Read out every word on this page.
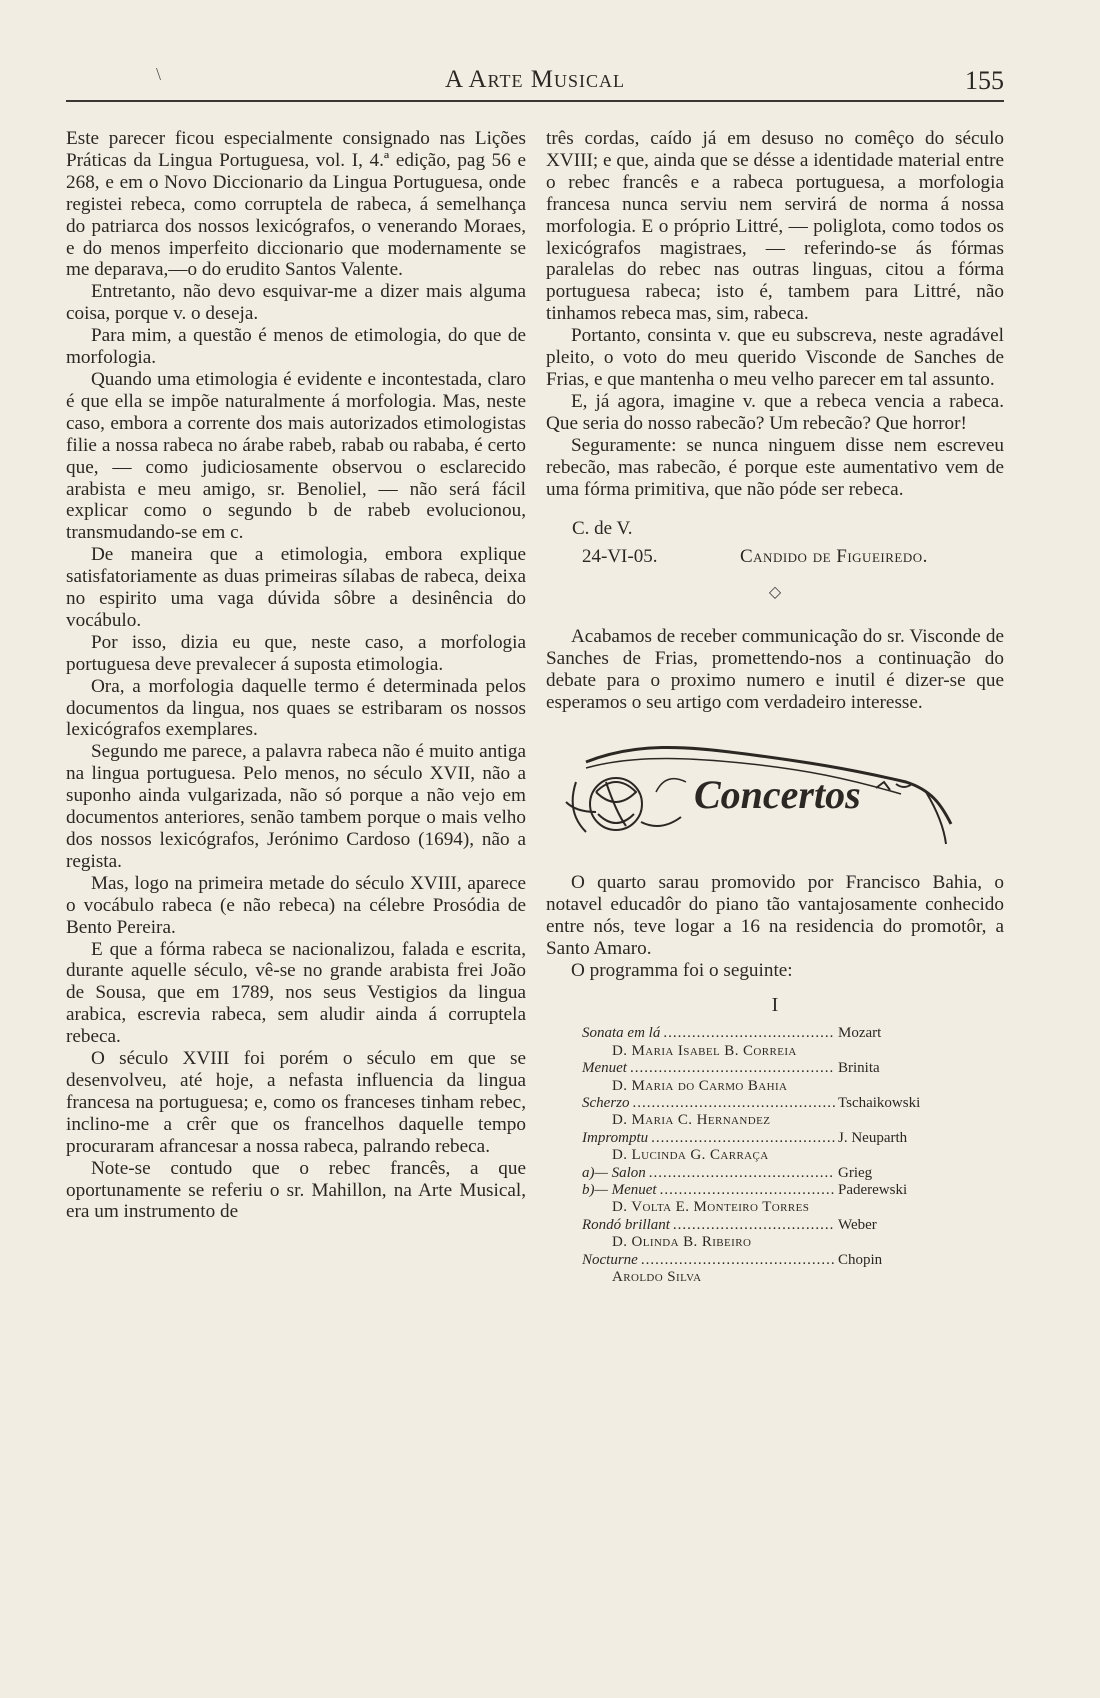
\	A Arte Musical	155

Este parecer ficou especialmente consignado nas Lições Práticas da Lingua Portuguesa, vol. I, 4.ª edição, pag 56 e 268, e em o Novo Diccionario da Lingua Portuguesa, onde registei rebeca, como corruptela de rabeca, á semelhança do patriarca dos nossos lexicógrafos, o venerando Moraes, e do menos imperfeito diccionario que modernamente se me deparava,—o do erudito Santos Valente.

Entretanto, não devo esquivar-me a dizer mais alguma coisa, porque v. o deseja.

Para mim, a questão é menos de etimologia, do que de morfologia.

Quando uma etimologia é evidente e incontestada, claro é que ella se impõe naturalmente á morfologia. Mas, neste caso, embora a corrente dos mais autorizados etimologistas filie a nossa rabeca no árabe rabeb, rabab ou rababa, é certo que, — como judiciosamente observou o esclarecido arabista e meu amigo, sr. Benoliel, — não será fácil explicar como o segundo b de rabeb evolucionou, transmudando-se em c.

De maneira que a etimologia, embora explique satisfatoriamente as duas primeiras sílabas de rabeca, deixa no espirito uma vaga dúvida sôbre a desinência do vocábulo.

Por isso, dizia eu que, neste caso, a morfologia portuguesa deve prevalecer á suposta etimologia.

Ora, a morfologia daquelle termo é determinada pelos documentos da lingua, nos quaes se estribaram os nossos lexicógrafos exemplares.

Segundo me parece, a palavra rabeca não é muito antiga na lingua portuguesa. Pelo menos, no século XVII, não a suponho ainda vulgarizada, não só porque a não vejo em documentos anteriores, senão tambem porque o mais velho dos nossos lexicógrafos, Jerónimo Cardoso (1694), não a regista.

Mas, logo na primeira metade do século XVIII, aparece o vocábulo rabeca (e não rebeca) na célebre Prosódia de Bento Pereira.

E que a fórma rabeca se nacionalizou, falada e escrita, durante aquelle século, vê-se no grande arabista frei João de Sousa, que em 1789, nos seus Vestigios da lingua arabica, escrevia rabeca, sem aludir ainda á corruptela rebeca.

O século XVIII foi porém o século em que se desenvolveu, até hoje, a nefasta influencia da lingua francesa na portuguesa; e, como os franceses tinham rebec, inclino-me a crêr que os francelhos daquelle tempo procuraram afrancesar a nossa rabeca, palrando rebeca.

Note-se contudo que o rebec francês, a que oportunamente se referiu o sr. Mahillon, na Arte Musical, era um instrumento de

três cordas, caído já em desuso no comêço do século XVIII; e que, ainda que se désse a identidade material entre o rebec francês e a rabeca portuguesa, a morfologia francesa nunca serviu nem servirá de norma á nossa morfologia. E o próprio Littré, — poliglota, como todos os lexicógrafos magistraes, — referindo-se ás fórmas paralelas do rebec nas outras linguas, citou a fórma portuguesa rabeca; isto é, tambem para Littré, não tinhamos rebeca mas, sim, rabeca.

Portanto, consinta v. que eu subscreva, neste agradável pleito, o voto do meu querido Visconde de Sanches de Frias, e que mantenha o meu velho parecer em tal assunto.

E, já agora, imagine v. que a rebeca vencia a rabeca. Que seria do nosso rabecão? Um rebecão? Que horror!

Seguramente: se nunca ninguem disse nem escreveu rebecão, mas rabecão, é porque este aumentativo vem de uma fórma primitiva, que não póde ser rebeca.

C. de V.
24-VI-05.	Candido de Figueiredo.
◇

Acabamos de receber communicação do sr. Visconde de Sanches de Frias, promettendo-nos a continuação do debate para o proximo numero e inutil é dizer-se que esperamos o seu artigo com verdadeiro interesse.

Concertos

O quarto sarau promovido por Francisco Bahia, o notavel educadôr do piano tão vantajosamente conhecido entre nós, teve logar a 16 na residencia do promotôr, a Santo Amaro.

O programma foi o seguinte:

I
Sonata em lá .....	Mozart
D. Maria Isabel B. Correia
Menuet .....	Brinita
D. Maria do Carmo Bahia
Scherzo .....	Tschaikowski
D. Maria C. Hernandez
Impromptu .....	J. Neuparth
D. Lucinda G. Carraça
a)— Salon .....	Grieg
b)— Menuet .....	Paderewski
D. Volta E. Monteiro Torres
Rondó brillant .....	Weber
D. Olinda B. Ribeiro
Nocturne .....	Chopin
Aroldo Silva
